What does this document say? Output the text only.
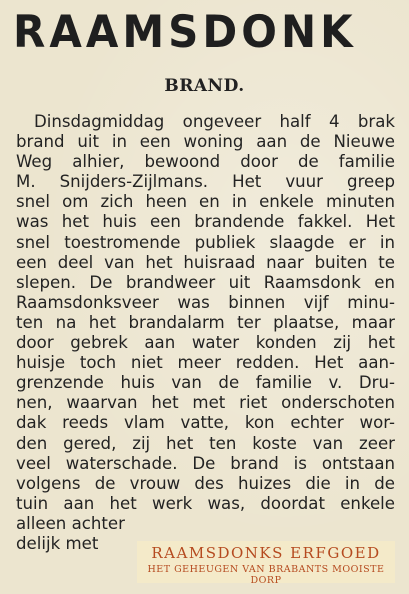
RAAMSDONK
BRAND.
Dinsdagmiddag ongeveer half 4 brak
brand uit in een woning aan de Nieuwe
Weg alhier, bewoond door de familie
M. Snijders-Zijlmans. Het vuur greep
snel om zich heen en in enkele minuten
was het huis een brandende fakkel. Het
snel toestromende publiek slaagde er in
een deel van het huisraad naar buiten te
slepen. De brandweer uit Raamsdonk en
Raamsdonksveer was binnen vijf minu-
ten na het brandalarm ter plaatse, maar
door gebrek aan water konden zij het
huisje toch niet meer redden. Het aan-
grenzende huis van de familie v. Dru-
nen, waarvan het met riet onderschoten
dak reeds vlam vatte, kon echter wor-
den gered, zij het ten koste van zeer
veel waterschade. De brand is ontstaan
volgens de vrouw des huizes die in de
tuin aan het werk was, doordat enkele
alleen achter
delijk met
RAAMSDONKS ERFGOED
HET GEHEUGEN VAN BRABANTS MOOISTE DORP
